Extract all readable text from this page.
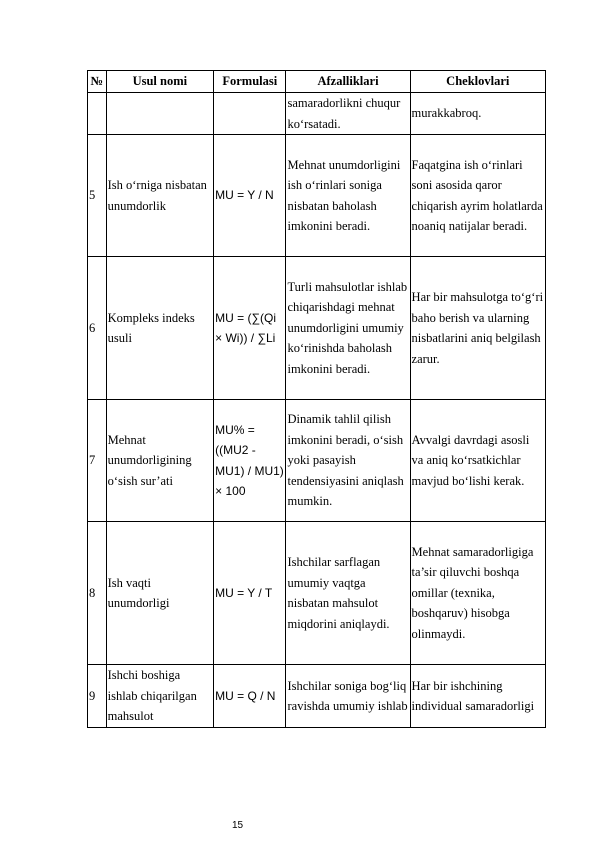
№	Usul nomi	Formulasi	Afzalliklari	Cheklovlari
			samaradorlikni chuqur ko‘rsatadi.	murakkabroq.
5	Ish o‘rniga nisbatan unumdorlik	MU = Y / N	Mehnat unumdorligini ish o‘rinlari soniga nisbatan baholash imkonini beradi.	Faqatgina ish o‘rinlari soni asosida qaror chiqarish ayrim holatlarda noaniq natijalar beradi.
6	Kompleks indeks usuli	MU = (∑(Qi × Wi)) / ∑Li	Turli mahsulotlar ishlab chiqarishdagi mehnat unumdorligini umumiy ko‘rinishda baholash imkonini beradi.	Har bir mahsulotga to‘g‘ri baho berish va ularning nisbatlarini aniq belgilash zarur.
7	Mehnat unumdorligining o‘sish sur’ati	MU% = ((MU2 - MU1) / MU1) × 100	Dinamik tahlil qilish imkonini beradi, o‘sish yoki pasayish tendensiyasini aniqlash mumkin.	Avvalgi davrdagi asosli va aniq ko‘rsatkichlar mavjud bo‘lishi kerak.
8	Ish vaqti unumdorligi	MU = Y / T	Ishchilar sarflagan umumiy vaqtga nisbatan mahsulot miqdorini aniqlaydi.	Mehnat samaradorligiga ta’sir qiluvchi boshqa omillar (texnika, boshqaruv) hisobga olinmaydi.
9	Ishchi boshiga ishlab chiqarilgan mahsulot	MU = Q / N	Ishchilar soniga bog‘liq ravishda umumiy ishlab	Har bir ishchining individual samaradorligi
15
